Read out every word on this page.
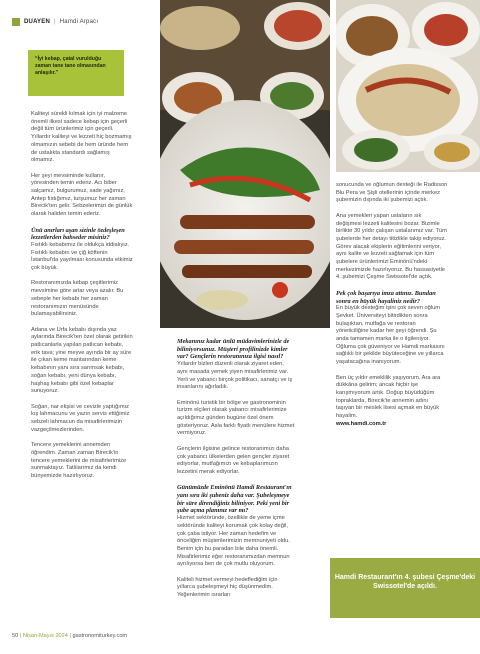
DUAYEN | Hamdi Arpacı
“İyi kebap, çatal vurulduğu zaman tane tane olmasından anlaşılır.”

Kaliteyi sürekli kılmak için iyi malzeme önemli ilkesi sadece kebap için geçerli değil tüm ürünlerimiz için geçerli. Yıllardır kaliteyi ve lezzeti hiç bozmamış olmamızın sebebi de hem üründe hem de ustalıkta standardı sağlamış olmamız.

Her şeyi mevsiminde kullanır, yöresinden temin ederiz. Acı biber salçamız, bulgurumuz, sade yağımız, Antep fıstığımız, turşumuz her zaman Birecik'ten gelir. Sebzelerimizi de günlük olarak haliden temin ederiz.

Ünü anırları aşan sizinle özdeşleşen lezzetlerden bahseder misiniz?

Fıstıklı kebabımız ile oldukça iddialıyız. Fıstıklı kebabın ve çiğ köftenin İstanbul'da yayılması konusunda etkimiz çok büyük.

Restoranımızda kebap çeşitlerimiz mevsimine göre artar veya azalır. Bu sebeple her kebabı her zaman restoranımızın menüsünde bulamayabilirsiniz.

Adana ve Urfa kebabı dışında yaz aylarında Birecik'ten özel olarak getirilen patlıcanlarla yapılan patlıcan kebabı, erik tava; yine meyve ayında bir ay süre ile çıkan keme mantarından keme kebabının yanı sıra sarımsak kebabı, soğan kebabı, yeni dünya kebabı, haşhaş kebabı gibi özel kebaplar sunuyoruz.

Soğan, nar ekşisi ve cevizle yaptığımız kış lahmacunu ve yazın servis ettiğimiz sebzeli lahmacun da misafirlerimizin vazgeçilmezlerinden.

Tencere yemeklerini annemden öğrendim. Zaman zaman Birecik'in tencere yemeklerini de misafirlerimize sunmaktayız. Tatlılarımız da kendi bünyemizde hazırlıyoruz.

Mekanınız kadar ünlü müdavimlerinizle de biliniyorsunuz. Müşteri profilinizde kimler var? Gençlerin restoranınıza ilgisi nasıl?

Yıllardır bizleri düzenli olarak ziyaret eden, aynı masada yemek yiyen misafirlerimiz var. Yerli ve yabancı birçok politikacı, sanatçı ve iş insanlarını ağırladık.

Eminönü turistik bir bölge ve gastronominin turizm elçileri olarak yabancı misafirlerimize açıldığımız günden bugüne özel önem gösteriyoruz. Asla farklı fiyatlı menülere hizmet vermiyoruz.

Gençlerin ilgisine gelince restoranımızı daha çok yabancı ülkelerden gelen gençler ziyaret ediyorlar, mutfağımızı ve kebaplarımızın lezzetini merak ediyorlar.

Günümüzde Eminönü Hamdi Restaurant'ın yanı sıra iki şubeniz daha var. Şubeleşmeye bir süre direndiğiniz biliniyor. Peki yeni bir şube açma planınız var mı?

Hizmet sektöründe, özellikle de yeme içme sektöründe kaliteyi korumak çok kolay değil, çok çaba istiyor. Her zaman hedefim ve önceliğim müşterilerimizin memnuniyeti oldu. Benim için bu paradan bile daha önemli. Misafirlerimiz eğer restoranımızdan memnun ayrılıyorsa ben de çok mutlu oluyorum.

Kaliteli hizmet vermeyi hedeflediğim için yıllarca şubeleşmeyi hiç düşünmedim. Yeğenlerimin ısrarları

sonucunda ve oğlumun desteği ile Radisson Blu Pera ve Şişli otellerinin içinde merkez şubemizin dışında iki şubemizi açtık.

Ana yemekleri yapan ustaların sık değişmesi lezzeti kalitesini bozar. Bizimle birlikte 30 yıldır çalışan ustalarımız var. Tüm şubelerde her detayı titizlikle takip ediyoruz. Görev alacak ekiplerin eğitimlerini veriyor, aynı kalite ve lezzeti sağlamak için tüm şubelere ürünlerimizi Eminönü'ndeki merkezimizde hazırlıyoruz. Bu hassasiyetle 4. şubemizi Çeşme Swissotel'de açtık.

Pek çok başarıya imza attınız. Bundan sonra en büyük hayaliniz nedir?

En büyük desteğim işini çok seven oğlum Şevket. Üniversiteyi bitirdikten sonra bulaşıktan, mutfağa ve restoran yöneticiliğine kadar her şeyi öğrendi. Şu anda tamamen marka ile o ilgileniyor. Oğluma çok güveniyor ve Hamdi markasını sağlıklı bir şekilde büyüteceğine ve yıllarca yaşatacağına inanıyorum.

Ben üç yıldır emeklilik yaşıyorum. Ara ara dükkâna gelirim; ancak hiçbir işe karışmıyorum artık. Doğup büyüdüğüm topraklarda, Birecik'te annemin adını taşıyan bir meslek lisesi açmak en büyük hayalim.

www.hamdi.com.tr

Hamdi Restaurant'ın 4. şubesi Çeşme'deki Swissotel'de açıldı.
50 | Nisan-Mayıs 2024 | gastronomiturkey.com
